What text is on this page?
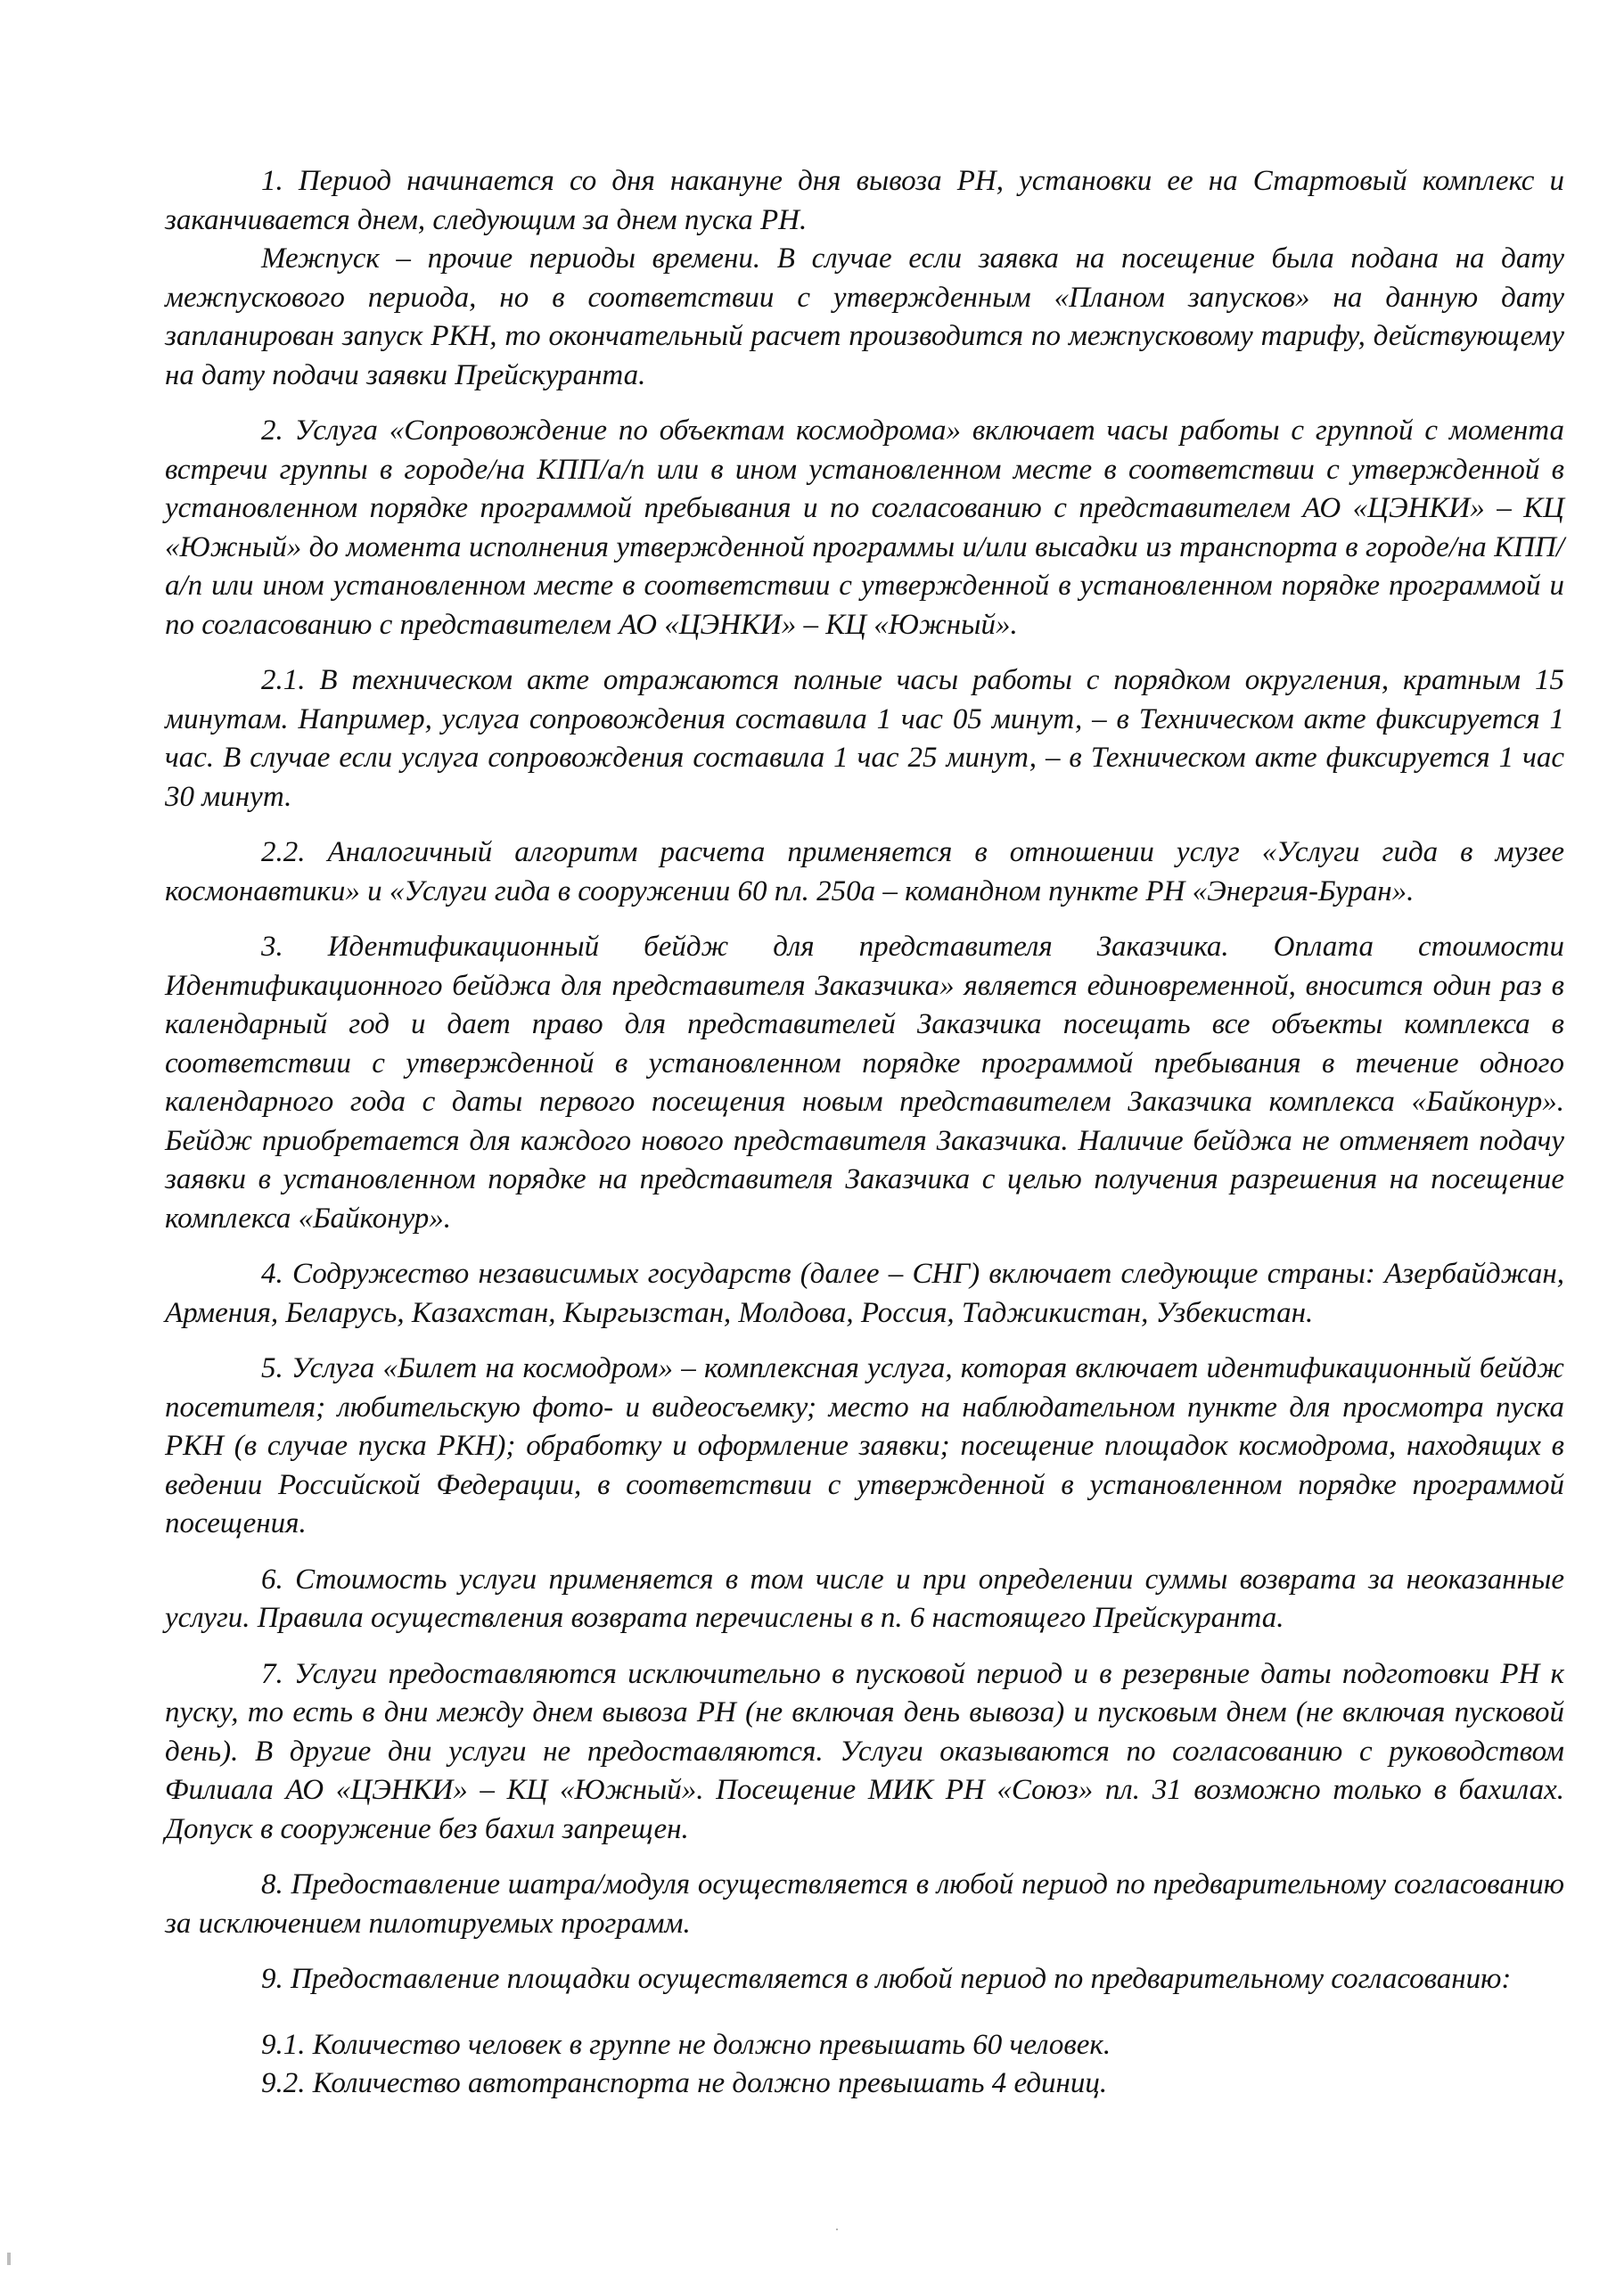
1. Период начинается со дня накануне дня вывоза РН, установки ее на Стартовый комплекс и заканчивается днем, следующим за днем пуска РН.

Межпуск – прочие периоды времени. В случае если заявка на посещение была подана на дату межпускового периода, но в соответствии с утвержденным «Планом запусков» на данную дату запланирован запуск РКН, то окончательный расчет производится по межпусковому тарифу, действующему на дату подачи заявки Прейскуранта.

2. Услуга «Сопровождение по объектам космодрома» включает часы работы с группой с момента встречи группы в городе/на КПП/а/п или в ином установленном месте в соответствии с утвержденной в установленном порядке программой пребывания и по согласованию с представителем АО «ЦЭНКИ» – КЦ «Южный» до момента исполнения утвержденной программы и/или высадки из транспорта в городе/на КПП/ а/п или ином установленном месте в соответствии с утвержденной в установленном порядке программой и по согласованию с представителем АО «ЦЭНКИ» – КЦ «Южный».

2.1. В техническом акте отражаются полные часы работы с порядком округления, кратным 15 минутам. Например, услуга сопровождения составила 1 час 05 минут, – в Техническом акте фиксируется 1 час. В случае если услуга сопровождения составила 1 час 25 минут, – в Техническом акте фиксируется 1 час 30 минут.

2.2. Аналогичный алгоритм расчета применяется в отношении услуг «Услуги гида в музее космонавтики» и «Услуги гида в сооружении 60 пл. 250а – командном пункте РН «Энергия-Буран».

3. Идентификационный бейдж для представителя Заказчика. Оплата стоимости Идентификационного бейджа для представителя Заказчика» является единовременной, вносится один раз в календарный год и дает право для представителей Заказчика посещать все объекты комплекса в соответствии с утвержденной в установленном порядке программой пребывания в течение одного календарного года с даты первого посещения новым представителем Заказчика комплекса «Байконур». Бейдж приобретается для каждого нового представителя Заказчика. Наличие бейджа не отменяет подачу заявки в установленном порядке на представителя Заказчика с целью получения разрешения на посещение комплекса «Байконур».

4. Содружество независимых государств (далее – СНГ) включает следующие страны: Азербайджан, Армения, Беларусь, Казахстан, Кыргызстан, Молдова, Россия, Таджикистан, Узбекистан.

5. Услуга «Билет на космодром» – комплексная услуга, которая включает идентификационный бейдж посетителя; любительскую фото- и видеосъемку; место на наблюдательном пункте для просмотра пуска РКН (в случае пуска РКН); обработку и оформление заявки; посещение площадок космодрома, находящих в ведении Российской Федерации, в соответствии с утвержденной в установленном порядке программой посещения.

6. Стоимость услуги применяется в том числе и при определении суммы возврата за неоказанные услуги. Правила осуществления возврата перечислены в п. 6 настоящего Прейскуранта.

7. Услуги предоставляются исключительно в пусковой период и в резервные даты подготовки РН к пуску, то есть в дни между днем вывоза РН (не включая день вывоза) и пусковым днем (не включая пусковой день). В другие дни услуги не предоставляются. Услуги оказываются по согласованию с руководством Филиала АО «ЦЭНКИ» – КЦ «Южный». Посещение МИК РН «Союз» пл. 31 возможно только в бахилах. Допуск в сооружение без бахил запрещен.

8. Предоставление шатра/модуля осуществляется в любой период по предварительному согласованию за исключением пилотируемых программ.

9. Предоставление площадки осуществляется в любой период по предварительному согласованию:

9.1. Количество человек в группе не должно превышать 60 человек.

9.2. Количество автотранспорта не должно превышать 4 единиц.
